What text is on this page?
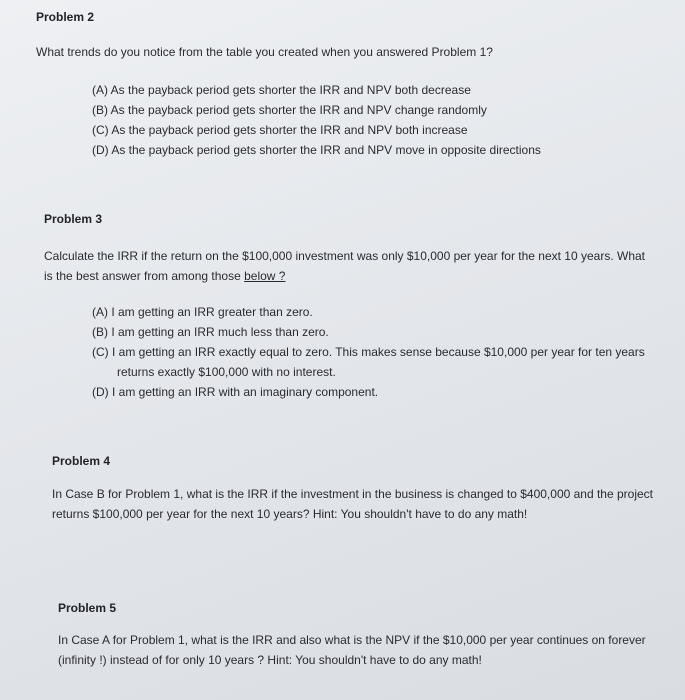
Problem 2
What trends do you notice from the table you created when you answered Problem 1?
(A) As the payback period gets shorter the IRR and NPV both decrease
(B) As the payback period gets shorter the IRR and NPV change randomly
(C) As the payback period gets shorter the IRR and NPV both increase
(D) As the payback period gets shorter the IRR and NPV move in opposite directions
Problem 3
Calculate the IRR if the return on the $100,000 investment was only $10,000 per year for the next 10 years. What is the best answer from among those below ?
(A) I am getting an IRR greater than zero.
(B) I am getting an IRR much less than zero.
(C) I am getting an IRR exactly equal to zero. This makes sense because $10,000 per year for ten years returns exactly $100,000 with no interest.
(D) I am getting an IRR with an imaginary component.
Problem 4
In Case B for Problem 1, what is the IRR if the investment in the business is changed to $400,000 and the project returns $100,000 per year for the next 10 years? Hint: You shouldn't have to do any math!
Problem 5
In Case A for Problem 1, what is the IRR and also what is the NPV if the $10,000 per year continues on forever (infinity !) instead of for only 10 years ? Hint: You shouldn't have to do any math!
